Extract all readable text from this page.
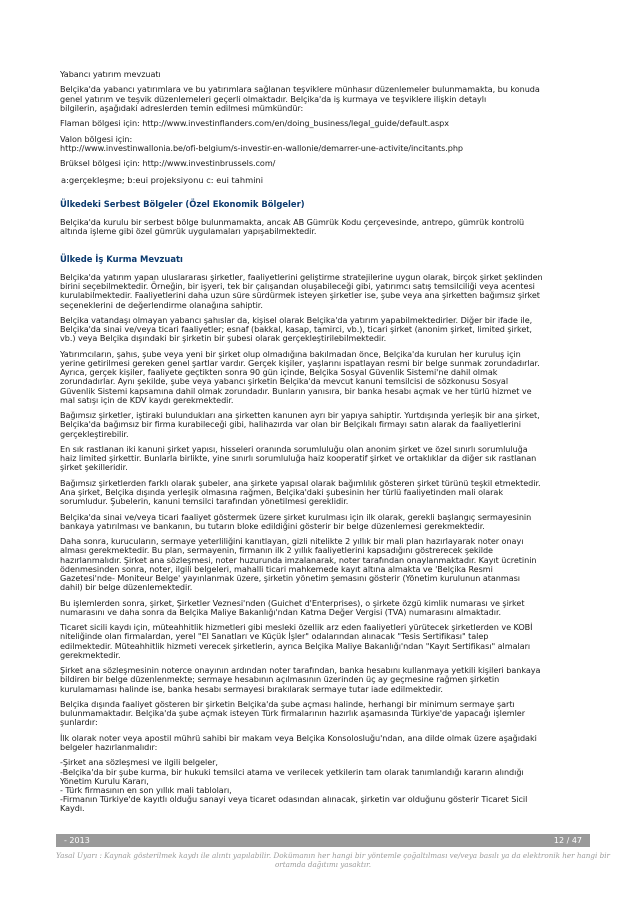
Yabancı yatırım mevzuatı

Belçika'da yabancı yatırımlara ve bu yatırımlara sağlanan teşviklere münhasır düzenlemeler bulunmamakta, bu konuda
genel yatırım ve teşvik düzenlemeleri geçerli olmaktadır. Belçika'da iş kurmaya ve teşviklere ilişkin detaylı
bilgilerin, aşağıdaki adreslerden temin edilmesi mümkündür:

Flaman bölgesi için: http://www.investinflanders.com/en/doing_business/legal_guide/default.aspx

Valon bölgesi için:
http://www.investinwallonia.be/ofi-belgium/s-investir-en-wallonie/demarrer-une-activite/incitants.php

Brüksel bölgesi için: http://www.investinbrussels.com/

a:gerçekleşme; b:eui projeksiyonu c: eui tahmini

Ülkedeki Serbest Bölgeler (Özel Ekonomik Bölgeler)

Belçika'da kurulu bir serbest bölge bulunmamakta, ancak AB Gümrük Kodu çerçevesinde, antrepo, gümrük kontrolü
altında işleme gibi özel gümrük uygulamaları yapışabilmektedir.

Ülkede İş Kurma Mevzuatı

Belçika'da yatırım yapan uluslararası şirketler, faaliyetlerini geliştirme stratejilerine uygun olarak, birçok şirket şeklinden
birini seçebilmektedir. Örneğin, bir işyeri, tek bir çalışandan oluşabileceği gibi, yatırımcı satış temsilciliği veya acentesi
kurulabilmektedir. Faaliyetlerini daha uzun süre sürdürmek isteyen şirketler ise, şube veya ana şirketten bağımsız şirket
seçeneklerini de değerlendirme olanağına sahiptir.

Belçika vatandaşı olmayan yabancı şahıslar da, kişisel olarak Belçika'da yatırım yapabilmektedirler. Diğer bir ifade ile,
Belçika'da sinai ve/veya ticari faaliyetler; esnaf (bakkal, kasap, tamirci, vb.), ticari şirket (anonim şirket, limited şirket,
vb.) veya Belçika dışındaki bir şirketin bir şubesi olarak gerçekleştirilebilmektedir.

Yatırımcıların, şahıs, şube veya yeni bir şirket olup olmadığına bakılmadan önce, Belçika'da kurulan her kuruluş için
yerine getirilmesi gereken genel şartlar vardır. Gerçek kişiler, yaşlarını ispatlayan resmi bir belge sunmak zorundadırlar.
Ayrıca, gerçek kişiler, faaliyete geçtikten sonra 90 gün içinde, Belçika Sosyal Güvenlik Sistemi'ne dahil olmak
zorundadırlar. Aynı şekilde, şube veya yabancı şirketin Belçika'da mevcut kanuni temsilcisi de sözkonusu Sosyal
Güvenlik Sistemi kapsamına dahil olmak zorundadır. Bunların yanısıra, bir banka hesabı açmak ve her türlü hizmet ve
mal satışı için de KDV kaydı gerekmektedir.

Bağımsız şirketler, iştiraki bulundukları ana şirketten kanunen ayrı bir yapıya sahiptir. Yurtdışında yerleşik bir ana şirket,
Belçika'da bağımsız bir firma kurabileceği gibi, halihazırda var olan bir Belçikalı firmayı satın alarak da faaliyetlerini
gerçekleştirebilir.

En sık rastlanan iki kanuni şirket yapısı, hisseleri oranında sorumluluğu olan anonim şirket ve özel sınırlı sorumluluğa
haiz limited şirkettir. Bunlarla birlikte, yine sınırlı sorumluluğa haiz kooperatif şirket ve ortaklıklar da diğer sık rastlanan
şirket şekilleridir.

Bağımsız şirketlerden farklı olarak şubeler, ana şirkete yapısal olarak bağımlılık gösteren şirket türünü teşkil etmektedir.
Ana şirket, Belçika dışında yerleşik olmasına rağmen, Belçika'daki şubesinin her türlü faaliyetinden mali olarak
sorumludur. Şubelerin, kanuni temsilci tarafından yönetilmesi gereklidir.

Belçika'da sinai ve/veya ticari faaliyet göstermek üzere şirket kurulması için ilk olarak, gerekli başlangıç sermayesinin
bankaya yatırılması ve bankanın, bu tutarın bloke edildiğini gösterir bir belge düzenlemesi gerekmektedir.

Daha sonra, kurucuların, sermaye yeterliliğini kanıtlayan, gizli nitelikte 2 yıllık bir mali plan hazırlayarak noter onayı
alması gerekmektedir. Bu plan, sermayenin, firmanın ilk 2 yıllık faaliyetlerini kapsadığını göstrerecek şekilde
hazırlanmalıdır. Şirket ana sözleşmesi, noter huzurunda imzalanarak, noter tarafından onaylanmaktadır. Kayıt ücretinin
ödenmesinden sonra, noter, ilgili belgeleri, mahalli ticari mahkemede kayıt altına almakta ve 'Belçika Resmi
Gazetesi'nde- Moniteur Belge' yayınlanmak üzere, şirketin yönetim şemasını gösterir (Yönetim kurulunun atanması
dahil) bir belge düzenlemektedir.

Bu işlemlerden sonra, şirket, Şirketler Veznesi'nden (Guichet d'Enterprises), o şirkete özgü kimlik numarası ve şirket
numarasını ve daha sonra da Belçika Maliye Bakanlığı'ndan Katma Değer Vergisi (TVA) numarasını almaktadır.

Ticaret sicili kaydı için, müteahhitlik hizmetleri gibi mesleki özellik arz eden faaliyetleri yürütecek şirketlerden ve KOBİ
niteliğinde olan firmalardan, yerel "El Sanatları ve Küçük İşler" odalarından alınacak "Tesis Sertifikası" talep
edilmektedir. Müteahhitlik hizmeti verecek şirketlerin, ayrıca Belçika Maliye Bakanlığı'ndan "Kayıt Sertifikası" almaları
gerekmektedir.

Şirket ana sözleşmesinin noterce onayının ardından noter tarafından, banka hesabını kullanmaya yetkili kişileri bankaya
bildiren bir belge düzenlenmekte; sermaye hesabının açılmasının üzerinden üç ay geçmesine rağmen şirketin
kurulamaması halinde ise, banka hesabı sermayesi bırakılarak sermaye tutar iade edilmektedir.

Belçika dışında faaliyet gösteren bir şirketin Belçika'da şube açması halinde, herhangi bir minimum sermaye şartı
bulunmamaktadır. Belçika'da şube açmak isteyen Türk firmalarının hazırlık aşamasında Türkiye'de yapacağı işlemler
şunlardır:

İlk olarak noter veya apostil mührü sahibi bir makam veya Belçika Konsolosluğu'ndan, ana dilde olmak üzere aşağıdaki
belgeler hazırlanmalıdır:

-Şirket ana sözleşmesi ve ilgili belgeler,
-Belçika'da bir şube kurma, bir hukuki temsilci atama ve verilecek yetkilerin tam olarak tanımlandığı kararın alındığı
Yönetim Kurulu Kararı,
- Türk firmasının en son yıllık mali tabloları,
-Firmanın Türkiye'de kayıtlı olduğu sanayi veya ticaret odasından alınacak, şirketin var olduğunu gösterir Ticaret Sicil
Kaydı.

- 2013	12 / 47
Yasal Uyarı : Kaynak gösterilmek kaydı ile alıntı yapılabilir. Dokümanın her hangi bir yöntemle çoğaltılması ve/veya basılı ya da elektronik her hangi bir
ortamda dağıtımı yasaktır.
